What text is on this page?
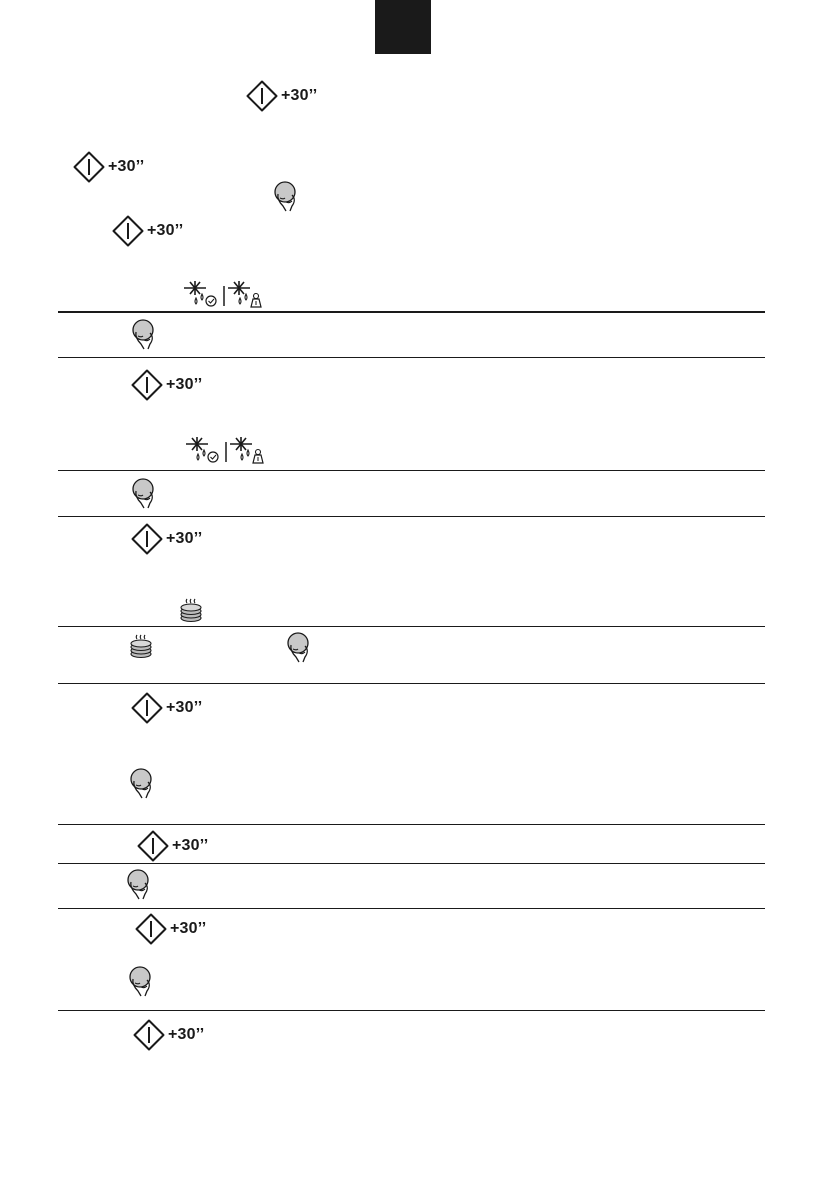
+30’’
+30’’
+30’’
+30’’
+30’’
+30’’
+30’’
+30’’
+30’’
